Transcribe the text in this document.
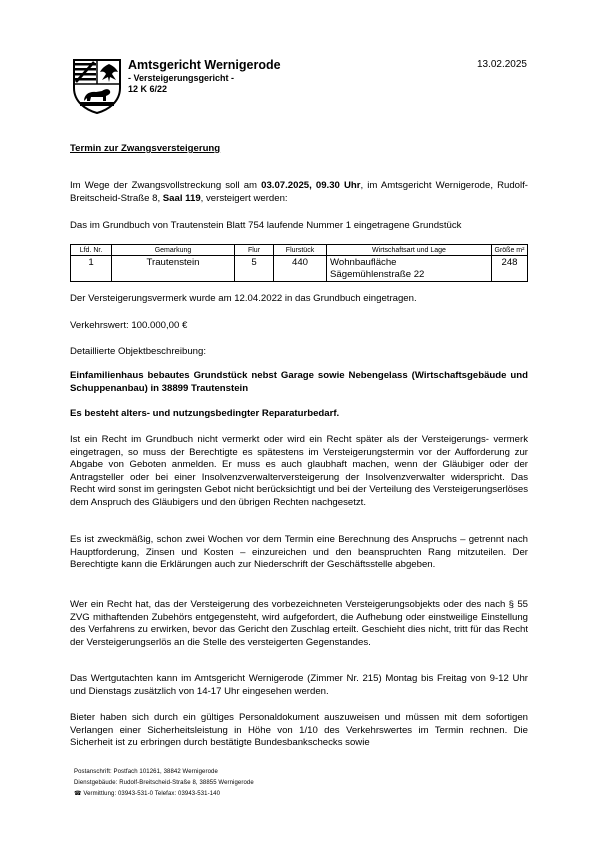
Amtsgericht Wernigerode
- Versteigerungsgericht -
12 K 6/22
13.02.2025
Termin zur Zwangsversteigerung
Im Wege der Zwangsvollstreckung soll am 03.07.2025, 09.30 Uhr, im Amtsgericht Wernigerode, Rudolf-Breitscheid-Straße 8, Saal 119, versteigert werden:
Das im Grundbuch von Trautenstein Blatt 754 laufende Nummer 1 eingetragene Grundstück
Lfd. Nr.	Gemarkung	Flur	Flurstück	Wirtschaftsart und Lage	Größe m²
1	Trautenstein	5	440	Wohnbaufläche
Sägemühlenstraße 22	248
Der Versteigerungsvermerk wurde am 12.04.2022 in das Grundbuch eingetragen.
Verkehrswert: 100.000,00 €
Detaillierte Objektbeschreibung:
Einfamilienhaus bebautes Grundstück nebst Garage sowie Nebengelass (Wirtschaftsgebäude und Schuppenanbau) in 38899 Trautenstein
Es besteht alters- und nutzungsbedingter Reparaturbedarf.
Ist ein Recht im Grundbuch nicht vermerkt oder wird ein Recht später als der Versteigerungs- vermerk eingetragen, so muss der Berechtigte es spätestens im Versteigerungstermin vor der Aufforderung zur Abgabe von Geboten anmelden. Er muss es auch glaubhaft machen, wenn der Gläubiger oder der Antragsteller oder bei einer Insolvenzverwalterversteigerung der Insolvenzverwalter widerspricht. Das Recht wird sonst im geringsten Gebot nicht berücksichtigt und bei der Verteilung des Versteigerungserlöses dem Anspruch des Gläubigers und den übrigen Rechten nachgesetzt.
Es ist zweckmäßig, schon zwei Wochen vor dem Termin eine Berechnung des Anspruchs – getrennt nach Hauptforderung, Zinsen und Kosten – einzureichen und den beanspruchten Rang mitzuteilen. Der Berechtigte kann die Erklärungen auch zur Niederschrift der Geschäftsstelle abgeben.
Wer ein Recht hat, das der Versteigerung des vorbezeichneten Versteigerungsobjekts oder des nach § 55 ZVG mithaftenden Zubehörs entgegensteht, wird aufgefordert, die Aufhebung oder einstweilige Einstellung des Verfahrens zu erwirken, bevor das Gericht den Zuschlag erteilt. Geschieht dies nicht, tritt für das Recht der Versteigerungserlös an die Stelle des versteigerten Gegenstandes.
Das Wertgutachten kann im Amtsgericht Wernigerode (Zimmer Nr. 215) Montag bis Freitag von 9-12 Uhr und Dienstags zusätzlich von 14-17 Uhr eingesehen werden.
Bieter haben sich durch ein gültiges Personaldokument auszuweisen und müssen mit dem sofortigen Verlangen einer Sicherheitsleistung in Höhe von 1/10 des Verkehrswertes im Termin rechnen. Die Sicherheit ist zu erbringen durch bestätigte Bundesbankschecks sowie
Postanschrift: Postfach 101261, 38842 Wernigerode
Dienstgebäude: Rudolf-Breitscheid-Straße 8, 38855 Wernigerode
☎ Vermittlung: 03943-531-0 Telefax: 03943-531-140
